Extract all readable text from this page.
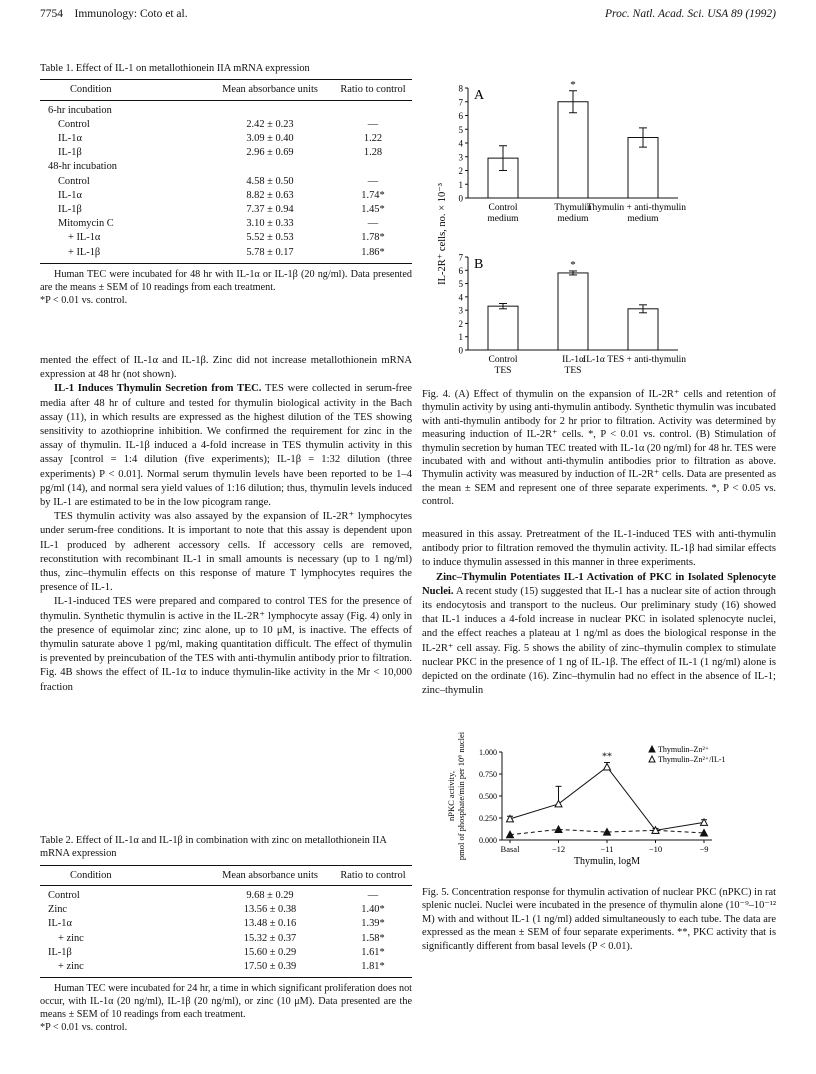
7754 Immunology: Coto et al.	Proc. Natl. Acad. Sci. USA 89 (1992)
Table 1. Effect of IL-1 on metallothionein IIA mRNA expression
Condition	Mean absorbance units	Ratio to control
6-hr incubation		
Control	2.42 ± 0.23	—
IL-1α	3.09 ± 0.40	1.22
IL-1β	2.96 ± 0.69	1.28
48-hr incubation		
Control	4.58 ± 0.50	—
IL-1α	8.82 ± 0.63	1.74*
IL-1β	7.37 ± 0.94	1.45*
Mitomycin C	3.10 ± 0.33	—
+ IL-1α	5.52 ± 0.53	1.78*
+ IL-1β	5.78 ± 0.17	1.86*
Human TEC were incubated for 48 hr with IL-1α or IL-1β (20 ng/ml). Data presented are the means ± SEM of 10 readings from each treatment.
*P < 0.01 vs. control.

mented the effect of IL-1α and IL-1β. Zinc did not increase metallothionein mRNA expression at 48 hr (not shown).

IL-1 Induces Thymulin Secretion from TEC. TES were collected in serum-free media after 48 hr of culture and tested for thymulin biological activity in the Bach assay (11), in which results are expressed as the highest dilution of the TES showing sensitivity to azothioprine inhibition. We confirmed the requirement for zinc in the assay of thymulin. IL-1β induced a 4-fold increase in TES thymulin activity in this assay [control = 1:4 dilution (five experiments); IL-1β = 1:32 dilution (three experiments) P < 0.01]. Normal serum thymulin levels have been reported to be 1–4 pg/ml (14), and normal sera yield values of 1:16 dilution; thus, thymulin levels induced by IL-1 are estimated to be in the low picogram range.

TES thymulin activity was also assayed by the expansion of IL-2R⁺ lymphocytes under serum-free conditions. It is important to note that this assay is dependent upon IL-1 produced by adherent accessory cells. If accessory cells are removed, reconstitution with recombinant IL-1 in small amounts is necessary (up to 1 ng/ml) thus, zinc–thymulin effects on this response of mature T lymphocytes requires the presence of IL-1.

IL-1-induced TES were prepared and compared to control TES for the presence of thymulin. Synthetic thymulin is active in the IL-2R⁺ lymphocyte assay (Fig. 4) only in the presence of equimolar zinc; zinc alone, up to 10 μM, is inactive. The effects of thymulin saturate above 1 pg/ml, making quantitation difficult. The effect of thymulin is prevented by preincubation of the TES with anti-thymulin antibody prior to filtration. Fig. 4B shows the effect of IL-1α to induce thymulin-like activity in the Mr < 10,000 fraction

Table 2. Effect of IL-1α and IL-1β in combination with zinc on metallothionein IIA mRNA expression
Condition	Mean absorbance units	Ratio to control
Control	9.68 ± 0.29	—
Zinc	13.56 ± 0.38	1.40*
IL-1α	13.48 ± 0.16	1.39*
+ zinc	15.32 ± 0.37	1.58*
IL-1β	15.60 ± 0.29	1.61*
+ zinc	17.50 ± 0.39	1.81*
Human TEC were incubated for 24 hr, a time in which significant proliferation does not occur, with IL-1α (20 ng/ml), IL-1β (20 ng/ml), or zinc (10 μM). Data presented are the means ± SEM of 10 readings from each treatment.
*P < 0.01 vs. control.
0
1
2
3
4
5
6
7
8 A
Control
medium
*
Thymulin
medium
Thymulin + anti-thymulin
medium
0
1
2
3
4
5
6
7 B
Control
TES
*
IL-1α
TES
IL-1α TES + anti-thymulin
IL-2R⁺ cells, no. × 10⁻³
Fig. 4. (A) Effect of thymulin on the expansion of IL-2R⁺ cells and retention of thymulin activity by using anti-thymulin antibody. Synthetic thymulin was incubated with anti-thymulin antibody for 2 hr prior to filtration. Activity was determined by measuring induction of IL-2R⁺ cells. *, P < 0.01 vs. control. (B) Stimulation of thymulin secretion by human TEC treated with IL-1α (20 ng/ml) for 48 hr. TES were incubated with and without anti-thymulin antibodies prior to filtration as above. Thymulin activity was measured by induction of IL-2R⁺ cells. Data are presented as the mean ± SEM and represent one of three separate experiments. *, P < 0.05 vs. control.

measured in this assay. Pretreatment of the IL-1-induced TES with anti-thymulin antibody prior to filtration removed the thymulin activity. IL-1β had similar effects to induce thymulin assessed in this manner in three experiments.

Zinc–Thymulin Potentiates IL-1 Activation of PKC in Isolated Splenocyte Nuclei. A recent study (15) suggested that IL-1 has a nuclear site of action through its endocytosis and transport to the nucleus. Our preliminary study (16) showed that IL-1 induces a 4-fold increase in nuclear PKC in isolated splenocyte nuclei, and the effect reaches a plateau at 1 ng/ml as does the biological response in the IL-2R⁺ cell assay. Fig. 5 shows the ability of zinc–thymulin complex to stimulate nuclear PKC in the presence of 1 ng of IL-1β. The effect of IL-1 (1 ng/ml) alone is depicted on the ordinate (16). Zinc–thymulin had no effect in the absence of IL-1; zinc–thymulin

0.000
0.250
0.500
0.750
1.000
Basal	−12	−11	−10	−9
Thymulin, logM
nPKC activity,pmol of phosphate/min per 10⁶ nuclei	Thymulin–Zn²⁺
Thymulin–Zn²⁺/IL-1
**
Fig. 5. Concentration response for thymulin activation of nuclear PKC (nPKC) in rat splenic nuclei. Nuclei were incubated in the presence of thymulin alone (10⁻⁹–10⁻¹² M) with and without IL-1 (1 ng/ml) added simultaneously to each tube. The data are expressed as the mean ± SEM of four separate experiments. **, PKC activity that is significantly different from basal levels (P < 0.01).
